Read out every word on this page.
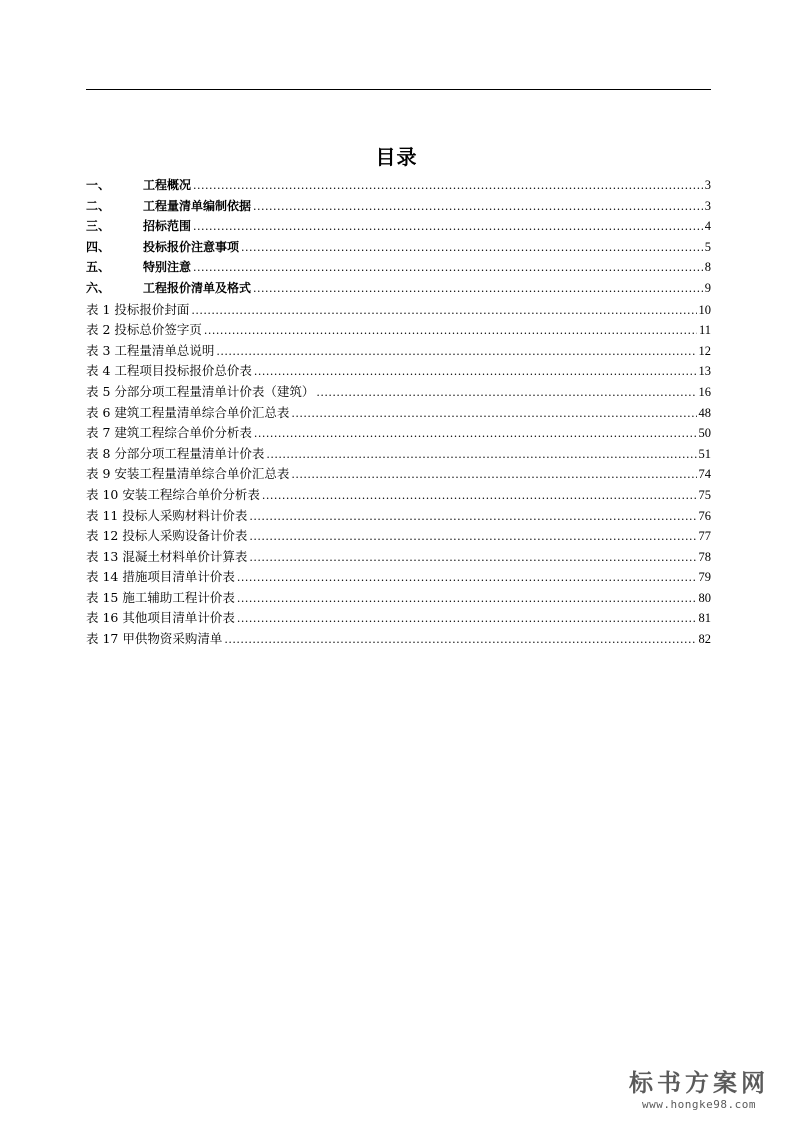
目录
一、	工程概况 .....	3
二、	工程量清单编制依据 .....	3
三、	招标范围 .....	4
四、	投标报价注意事项 .....	5
五、	特别注意 .....	8
六、	工程报价清单及格式 .....	9
表 1 投标报价封面 .....	10
表 2 投标总价签字页 .....	11
表 3 工程量清单总说明 .....	12
表 4 工程项目投标报价总价表 .....	13
表 5 分部分项工程量清单计价表（建筑） .....	16
表 6 建筑工程量清单综合单价汇总表 .....	48
表 7 建筑工程综合单价分析表 .....	50
表 8 分部分项工程量清单计价表 .....	51
表 9 安装工程量清单综合单价汇总表 .....	74
表 10 安装工程综合单价分析表 .....	75
表 11 投标人采购材料计价表 .....	76
表 12 投标人采购设备计价表 .....	77
表 13 混凝土材料单价计算表 .....	78
表 14 措施项目清单计价表 .....	79
表 15 施工辅助工程计价表 .....	80
表 16 其他项目清单计价表 .....	81
表 17 甲供物资采购清单 .....	82
标书方案网
www.hongke98.com
